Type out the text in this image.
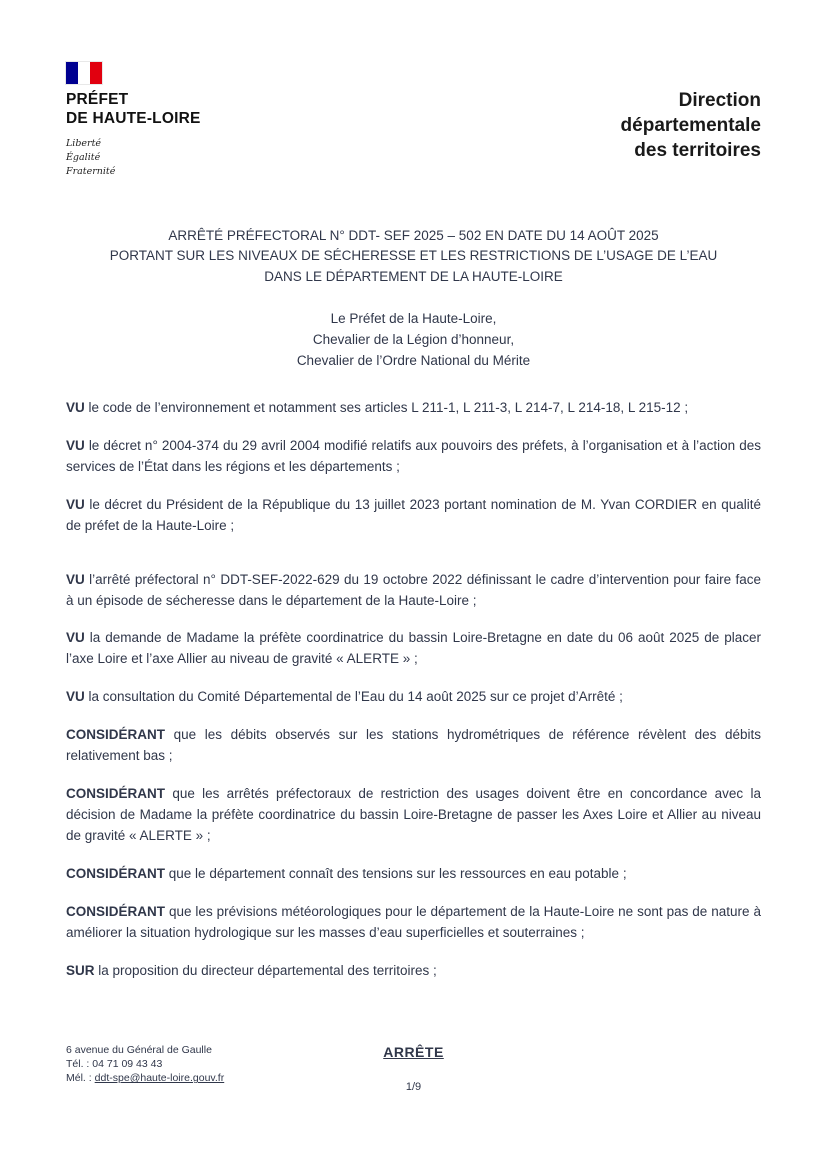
PRÉFET
DE HAUTE-LOIRE
Liberté
Égalité
Fraternité
Direction
départementale
des territoires
ARRÊTÉ PRÉFECTORAL N° DDT- SEF 2025 – 502 EN DATE DU 14 AOÛT 2025
PORTANT SUR LES NIVEAUX DE SÉCHERESSE ET LES RESTRICTIONS DE L’USAGE DE L’EAU
DANS LE DÉPARTEMENT DE LA HAUTE-LOIRE
Le Préfet de la Haute-Loire,
Chevalier de la Légion d’honneur,
Chevalier de l’Ordre National du Mérite

VU le code de l’environnement et notamment ses articles L 211-1, L 211-3, L 214-7, L 214-18, L 215-12 ;

VU le décret n° 2004-374 du 29 avril 2004 modifié relatifs aux pouvoirs des préfets, à l’organisation et à l’action des services de l’État dans les régions et les départements ;

VU le décret du Président de la République du 13 juillet 2023 portant nomination de M. Yvan CORDIER en qualité de préfet de la Haute-Loire ;

VU l’arrêté préfectoral n° DDT-SEF-2022-629 du 19 octobre 2022 définissant le cadre d’intervention pour faire face à un épisode de sécheresse dans le département de la Haute-Loire ;

VU la demande de Madame la préfète coordinatrice du bassin Loire-Bretagne en date du 06 août 2025 de placer l’axe Loire et l’axe Allier au niveau de gravité « ALERTE » ;

VU la consultation du Comité Départemental de l’Eau du 14 août 2025 sur ce projet d’Arrêté ;

CONSIDÉRANT que les débits observés sur les stations hydrométriques de référence révèlent des débits relativement bas ;

CONSIDÉRANT que les arrêtés préfectoraux de restriction des usages doivent être en concordance avec la décision de Madame la préfète coordinatrice du bassin Loire-Bretagne de passer les Axes Loire et Allier au niveau de gravité « ALERTE » ;

CONSIDÉRANT que le département connaît des tensions sur les ressources en eau potable ;

CONSIDÉRANT que les prévisions météorologiques pour le département de la Haute-Loire ne sont pas de nature à améliorer la situation hydrologique sur les masses d’eau superficielles et souterraines ;

SUR la proposition du directeur départemental des territoires ;

ARRÊTE
6 avenue du Général de Gaulle
Tél. : 04 71 09 43 43
Mél. : ddt-spe@haute-loire.gouv.fr
1/9
